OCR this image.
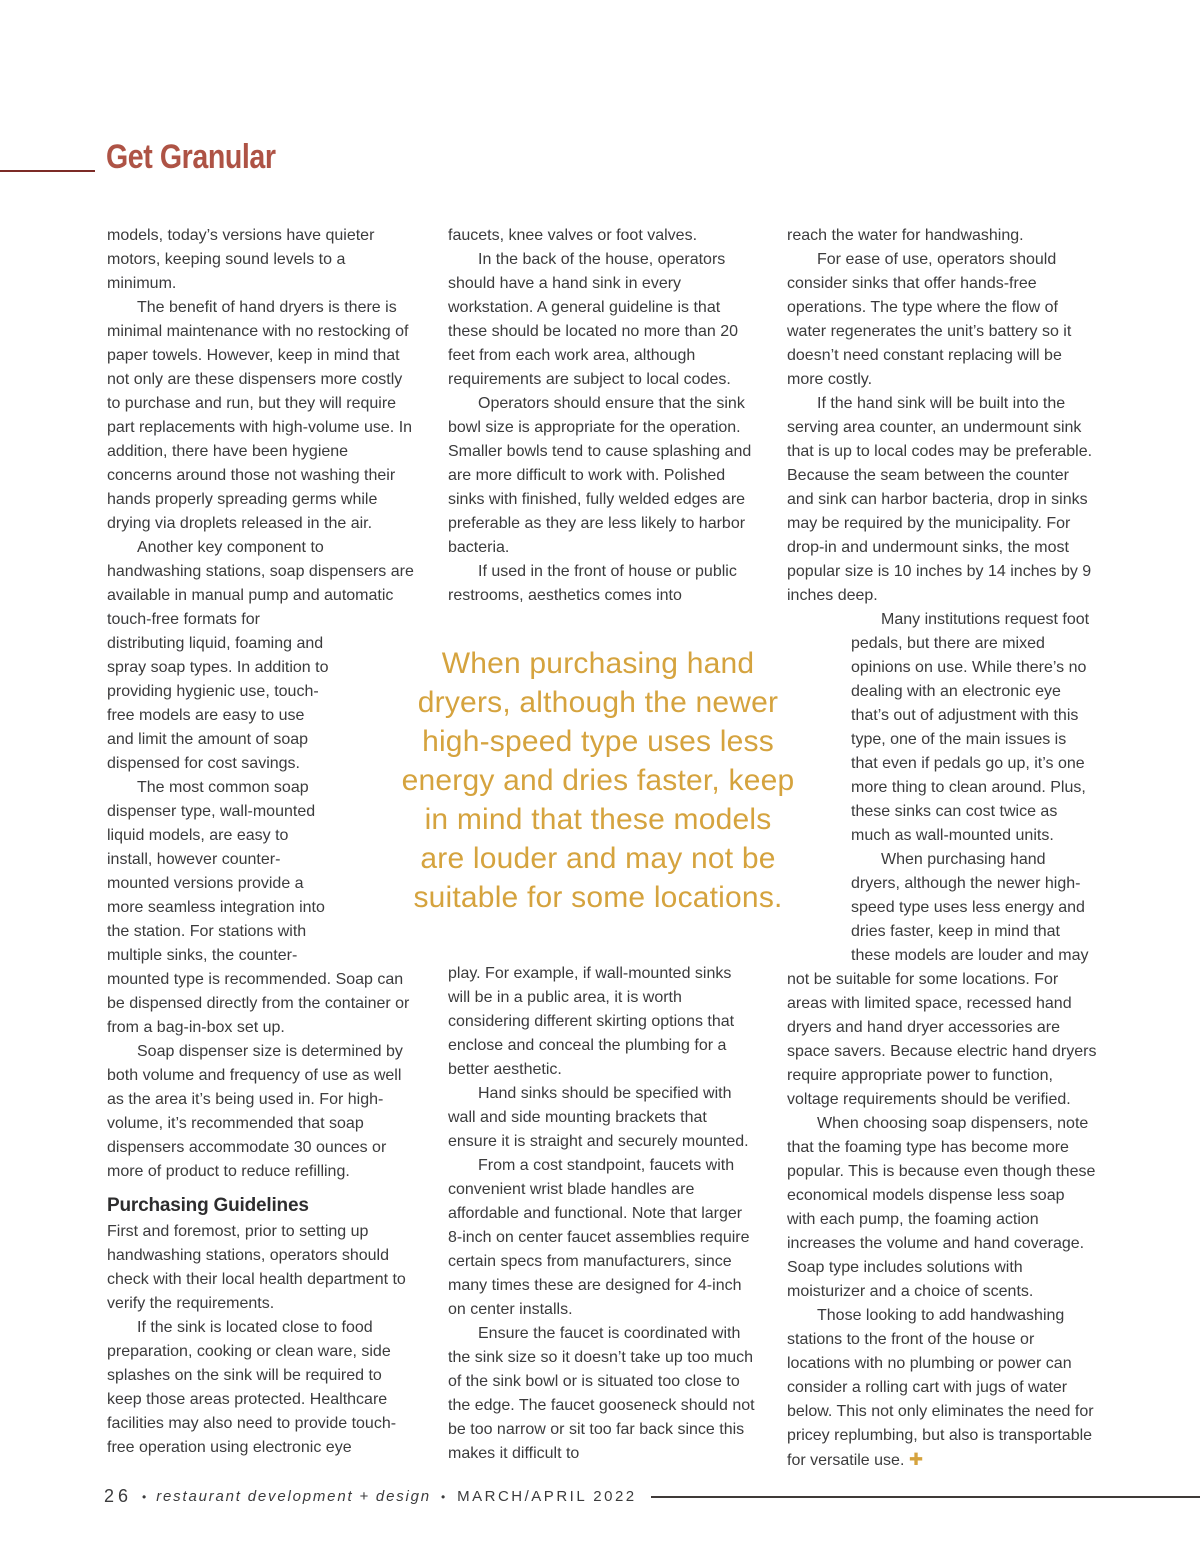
Get Granular

models, today’s versions have quieter motors, keeping sound levels to a minimum.

The benefit of hand dryers is there is minimal maintenance with no restocking of paper towels. However, keep in mind that not only are these dispensers more costly to purchase and run, but they will require part replacements with high-volume use. In addition, there have been hygiene concerns around those not washing their hands properly spreading germs while drying via droplets released in the air.

Another key component to handwashing stations, soap dispensers are available in manual pump and automatic
touch-free formats for distributing liquid, foaming and spray soap types. In addition to providing hygienic use, touch-free models are easy to use and limit the amount of soap dispensed for cost savings.

The most common soap dispenser type, wall-mounted liquid models, are easy to install, however counter-mounted versions provide a more seamless integration into the station. For stations with multiple sinks, the counter-mounted type is recommended. Soap can be dispensed directly from the container or from a bag-in-box set up.

Soap dispenser size is determined by both volume and frequency of use as well as the area it’s being used in. For high-volume, it’s recommended that soap dispensers accommodate 30 ounces or more of product to reduce refilling.

Purchasing Guidelines

First and foremost, prior to setting up handwashing stations, operators should check with their local health department to verify the requirements.

If the sink is located close to food preparation, cooking or clean ware, side splashes on the sink will be required to keep those areas protected. Healthcare facilities may also need to provide touch-free operation using electronic eye

faucets, knee valves or foot valves.

In the back of the house, operators should have a hand sink in every workstation. A general guideline is that these should be located no more than 20 feet from each work area, although requirements are subject to local codes.

Operators should ensure that the sink bowl size is appropriate for the operation. Smaller bowls tend to cause splashing and are more difficult to work with. Polished sinks with finished, fully welded edges are preferable as they are less likely to harbor bacteria.

If used in the front of house or public restrooms, aesthetics comes into

When purchasing hand
dryers, although the newer
high-speed type uses less
energy and dries faster, keep
in mind that these models
are louder and may not be
suitable for some locations.

play. For example, if wall-mounted sinks will be in a public area, it is worth considering different skirting options that enclose and conceal the plumbing for a better aesthetic.

Hand sinks should be specified with wall and side mounting brackets that ensure it is straight and securely mounted.

From a cost standpoint, faucets with convenient wrist blade handles are affordable and functional. Note that larger 8-inch on center faucet assemblies require certain specs from manufacturers, since many times these are designed for 4-inch on center installs.

Ensure the faucet is coordinated with the sink size so it doesn’t take up too much of the sink bowl or is situated too close to the edge. The faucet gooseneck should not be too narrow or sit too far back since this makes it difficult to

reach the water for handwashing.

For ease of use, operators should consider sinks that offer hands-free operations. The type where the flow of water regenerates the unit’s battery so it doesn’t need constant replacing will be more costly.

If the hand sink will be built into the serving area counter, an undermount sink that is up to local codes may be preferable. Because the seam between the counter and sink can harbor bacteria, drop in sinks may be required by the municipality. For drop-in and undermount sinks, the most popular size is 10 inches by 14 inches by 9 inches deep.

Many institutions request foot pedals, but there are mixed opinions on use. While there’s no dealing with an electronic eye that’s out of adjustment with this type, one of the main issues is that even if pedals go up, it’s one more thing to clean around. Plus, these sinks can cost twice as much as wall-mounted units.

When purchasing hand dryers, although the newer high-speed type uses less energy and dries faster, keep in mind that these models are louder and may not be suitable for some locations. For areas with limited space, recessed hand dryers and hand dryer accessories are space savers. Because electric hand dryers require appropriate power to function, voltage requirements should be verified.

When choosing soap dispensers, note that the foaming type has become more popular. This is because even though these economical models dispense less soap with each pump, the foaming action increases the volume and hand coverage. Soap type includes solutions with moisturizer and a choice of scents.

Those looking to add handwashing stations to the front of the house or locations with no plumbing or power can consider a rolling cart with jugs of water below. This not only eliminates the need for pricey replumbing, but also is transportable for versatile use. ✚

26 • restaurant development + design • MARCH/APRIL 2022
